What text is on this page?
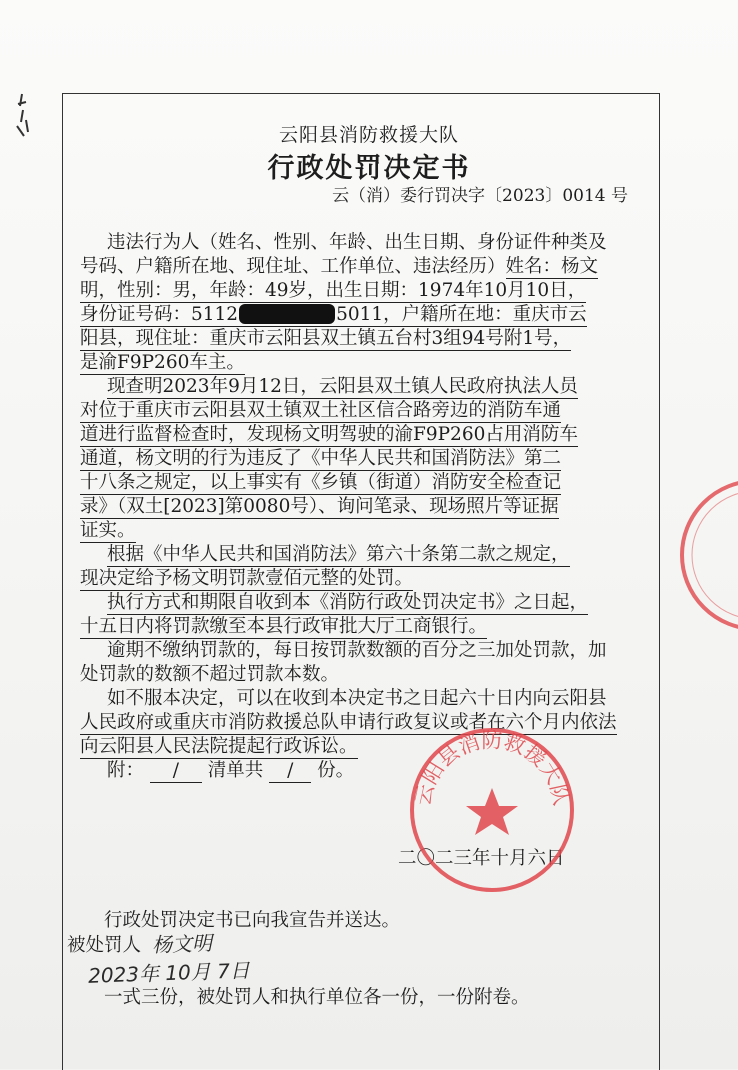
云阳县消防救援大队
行政处罚决定书
云（消）委行罚决字〔2023〕0014 号
违法行为人（姓名、性别、年龄、出生日期、身份证件种类及
号码、户籍所在地、现住址、工作单位、违法经历）姓名：杨文
明，性别：男，年龄：49岁，出生日期：1974年10月10日，
身份证号码：5112	5011，户籍所在地：重庆市云
阳县，现住址：重庆市云阳县双土镇五台村3组94号附1号，
是渝F9P260车主。
现查明2023年9月12日，云阳县双土镇人民政府执法人员
对位于重庆市云阳县双土镇双土社区信合路旁边的消防车通
道进行监督检查时，发现杨文明驾驶的渝F9P260占用消防车
通道，杨文明的行为违反了《中华人民共和国消防法》第二
十八条之规定，以上事实有《乡镇（街道）消防安全检查记
录》（双土[2023]第0080号）、询问笔录、现场照片等证据
证实。
根据《中华人民共和国消防法》第六十条第二款之规定，
现决定给予杨文明罚款壹佰元整的处罚。
执行方式和期限自收到本《消防行政处罚决定书》之日起，
十五日内将罚款缴至本县行政审批大厅工商银行。
逾期不缴纳罚款的，每日按罚款数额的百分之三加处罚款，加
处罚款的数额不超过罚款本数。
如不服本决定，可以在收到本决定书之日起六十日内向云阳县
人民政府或重庆市消防救援总队申请行政复议或者在六个月内依法
向云阳县人民法院提起行政诉讼。
附： / 清单共 / 份。
二〇二三年十月六日
行政处罚决定书已向我宣告并送达。
被处罚人 杨文明
2023年 10月 7日
一式三份，被处罚人和执行单位各一份，一份附卷。
云阳县消防救援大队
